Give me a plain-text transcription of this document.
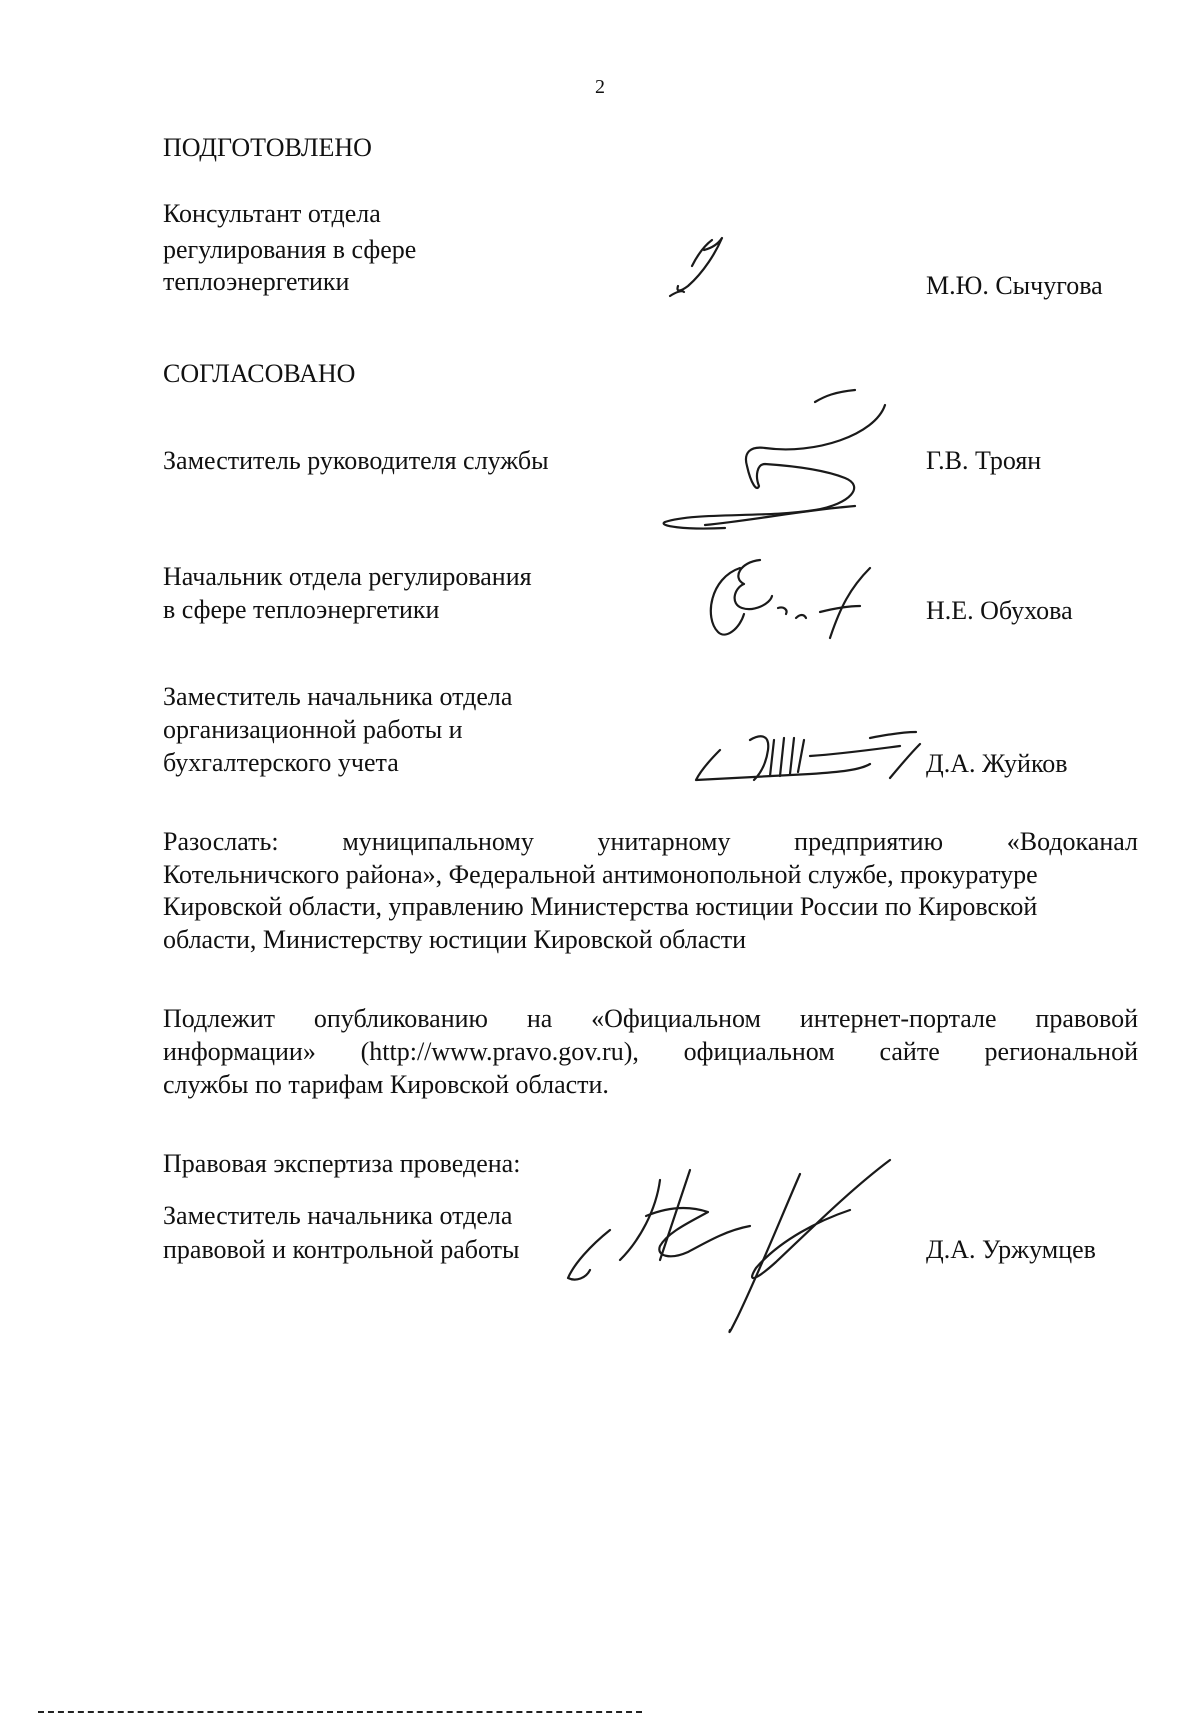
2
ПОДГОТОВЛЕНО
Консультант отдела
регулирования в сфере
теплоэнергетики	М.Ю. Сычугова
СОГЛАСОВАНО
Заместитель руководителя службы	Г.В. Троян
Начальник отдела регулирования
в сфере теплоэнергетики	Н.Е. Обухова
Заместитель начальника отдела
организационной работы и
бухгалтерского учета	Д.А. Жуйков
Разослать: муниципальному унитарному предприятию «Водоканал
Котельничского района», Федеральной антимонопольной службе, прокуратуре
Кировской области, управлению Министерства юстиции России по Кировской
области, Министерству юстиции Кировской области
Подлежит опубликованию на «Официальном интернет-портале правовой
информации» (http://www.pravo.gov.ru), официальном сайте региональной
службы по тарифам Кировской области.
Правовая экспертиза проведена:
Заместитель начальника отдела
правовой и контрольной работы	Д.А. Уржумцев
